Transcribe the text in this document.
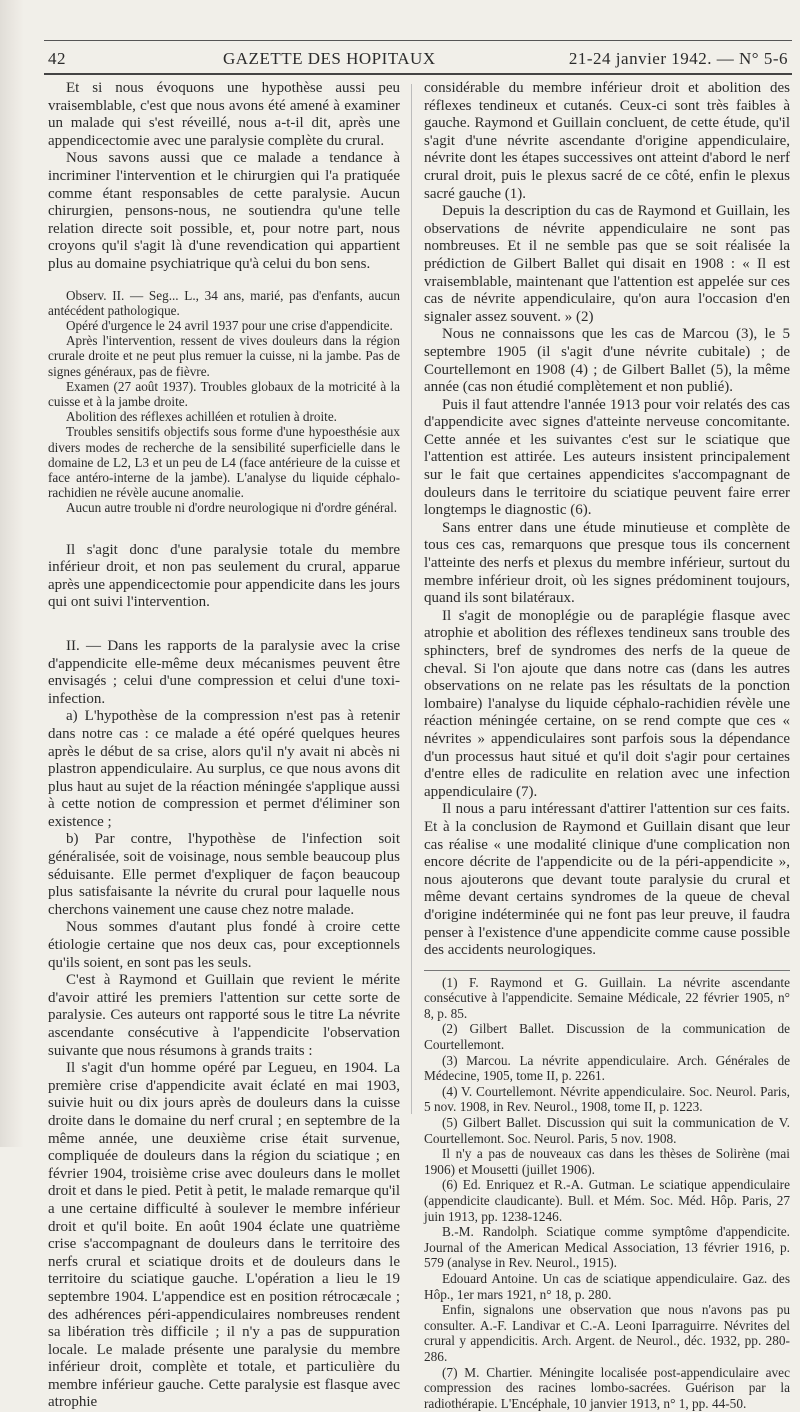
42	GAZETTE DES HOPITAUX	21-24 janvier 1942. — N° 5-6

Et si nous évoquons une hypothèse aussi peu vraisemblable, c'est que nous avons été amené à examiner un malade qui s'est réveillé, nous a-t-il dit, après une appendicectomie avec une paralysie complète du crural.

Nous savons aussi que ce malade a tendance à incriminer l'intervention et le chirurgien qui l'a pratiquée comme étant responsables de cette paralysie. Aucun chirurgien, pensons-nous, ne soutiendra qu'une telle relation directe soit possible, et, pour notre part, nous croyons qu'il s'agit là d'une revendication qui appartient plus au domaine psychiatrique qu'à celui du bon sens.

Observ. II. — Seg... L., 34 ans, marié, pas d'enfants, aucun antécédent pathologique.

Opéré d'urgence le 24 avril 1937 pour une crise d'appendicite.

Après l'intervention, ressent de vives douleurs dans la région crurale droite et ne peut plus remuer la cuisse, ni la jambe. Pas de signes généraux, pas de fièvre.

Examen (27 août 1937). Troubles globaux de la motricité à la cuisse et à la jambe droite.

Abolition des réflexes achilléen et rotulien à droite.

Troubles sensitifs objectifs sous forme d'une hypoesthésie aux divers modes de recherche de la sensibilité superficielle dans le domaine de L2, L3 et un peu de L4 (face antérieure de la cuisse et face antéro-interne de la jambe). L'analyse du liquide céphalo-rachidien ne révèle aucune anomalie.

Aucun autre trouble ni d'ordre neurologique ni d'ordre général.

Il s'agit donc d'une paralysie totale du membre inférieur droit, et non pas seulement du crural, apparue après une appendicectomie pour appendicite dans les jours qui ont suivi l'intervention.

II. — Dans les rapports de la paralysie avec la crise d'appendicite elle-même deux mécanismes peuvent être envisagés ; celui d'une compression et celui d'une toxi-infection.

a) L'hypothèse de la compression n'est pas à retenir dans notre cas : ce malade a été opéré quelques heures après le début de sa crise, alors qu'il n'y avait ni abcès ni plastron appendiculaire. Au surplus, ce que nous avons dit plus haut au sujet de la réaction méningée s'applique aussi à cette notion de compression et permet d'éliminer son existence ;

b) Par contre, l'hypothèse de l'infection soit généralisée, soit de voisinage, nous semble beaucoup plus séduisante. Elle permet d'expliquer de façon beaucoup plus satisfaisante la névrite du crural pour laquelle nous cherchons vainement une cause chez notre malade.

Nous sommes d'autant plus fondé à croire cette étiologie certaine que nos deux cas, pour exceptionnels qu'ils soient, en sont pas les seuls.

C'est à Raymond et Guillain que revient le mérite d'avoir attiré les premiers l'attention sur cette sorte de paralysie. Ces auteurs ont rapporté sous le titre La névrite ascendante consécutive à l'appendicite l'observation suivante que nous résumons à grands traits :

Il s'agit d'un homme opéré par Legueu, en 1904. La première crise d'appendicite avait éclaté en mai 1903, suivie huit ou dix jours après de douleurs dans la cuisse droite dans le domaine du nerf crural ; en septembre de la même année, une deuxième crise était survenue, compliquée de douleurs dans la région du sciatique ; en février 1904, troisième crise avec douleurs dans le mollet droit et dans le pied. Petit à petit, le malade remarque qu'il a une certaine difficulté à soulever le membre inférieur droit et qu'il boite. En août 1904 éclate une quatrième crise s'accompagnant de douleurs dans le territoire des nerfs crural et sciatique droits et de douleurs dans le territoire du sciatique gauche. L'opération a lieu le 19 septembre 1904. L'appendice est en position rétrocæcale ; des adhérences péri-appendiculaires nombreuses rendent sa libération très difficile ; il n'y a pas de suppuration locale. Le malade présente une paralysie du membre inférieur droit, complète et totale, et particulière du membre inférieur gauche. Cette paralysie est flasque avec atrophie

considérable du membre inférieur droit et abolition des réflexes tendineux et cutanés. Ceux-ci sont très faibles à gauche. Raymond et Guillain concluent, de cette étude, qu'il s'agit d'une névrite ascendante d'origine appendiculaire, névrite dont les étapes successives ont atteint d'abord le nerf crural droit, puis le plexus sacré de ce côté, enfin le plexus sacré gauche (1).

Depuis la description du cas de Raymond et Guillain, les observations de névrite appendiculaire ne sont pas nombreuses. Et il ne semble pas que se soit réalisée la prédiction de Gilbert Ballet qui disait en 1908 : « Il est vraisemblable, maintenant que l'attention est appelée sur ces cas de névrite appendiculaire, qu'on aura l'occasion d'en signaler assez souvent. » (2)

Nous ne connaissons que les cas de Marcou (3), le 5 septembre 1905 (il s'agit d'une névrite cubitale) ; de Courtellemont en 1908 (4) ; de Gilbert Ballet (5), la même année (cas non étudié complètement et non publié).

Puis il faut attendre l'année 1913 pour voir relatés des cas d'appendicite avec signes d'atteinte nerveuse concomitante. Cette année et les suivantes c'est sur le sciatique que l'attention est attirée. Les auteurs insistent principalement sur le fait que certaines appendicites s'accompagnant de douleurs dans le territoire du sciatique peuvent faire errer longtemps le diagnostic (6).

Sans entrer dans une étude minutieuse et complète de tous ces cas, remarquons que presque tous ils concernent l'atteinte des nerfs et plexus du membre inférieur, surtout du membre inférieur droit, où les signes prédominent toujours, quand ils sont bilatéraux.

Il s'agit de monoplégie ou de paraplégie flasque avec atrophie et abolition des réflexes tendineux sans trouble des sphincters, bref de syndromes des nerfs de la queue de cheval. Si l'on ajoute que dans notre cas (dans les autres observations on ne relate pas les résultats de la ponction lombaire) l'analyse du liquide céphalo-rachidien révèle une réaction méningée certaine, on se rend compte que ces « névrites » appendiculaires sont parfois sous la dépendance d'un processus haut situé et qu'il doit s'agir pour certaines d'entre elles de radiculite en relation avec une infection appendiculaire (7).

Il nous a paru intéressant d'attirer l'attention sur ces faits. Et à la conclusion de Raymond et Guillain disant que leur cas réalise « une modalité clinique d'une complication non encore décrite de l'appendicite ou de la péri-appendicite », nous ajouterons que devant toute paralysie du crural et même devant certains syndromes de la queue de cheval d'origine indéterminée qui ne font pas leur preuve, il faudra penser à l'existence d'une appendicite comme cause possible des accidents neurologiques.

(1) F. Raymond et G. Guillain. La névrite ascendante consécutive à l'appendicite. Semaine Médicale, 22 février 1905, n° 8, p. 85.

(2) Gilbert Ballet. Discussion de la communication de Courtellemont.

(3) Marcou. La névrite appendiculaire. Arch. Générales de Médecine, 1905, tome II, p. 2261.

(4) V. Courtellemont. Névrite appendiculaire. Soc. Neurol. Paris, 5 nov. 1908, in Rev. Neurol., 1908, tome II, p. 1223.

(5) Gilbert Ballet. Discussion qui suit la communication de V. Courtellemont. Soc. Neurol. Paris, 5 nov. 1908.

Il n'y a pas de nouveaux cas dans les thèses de Solirène (mai 1906) et Mousetti (juillet 1906).

(6) Ed. Enriquez et R.-A. Gutman. Le sciatique appendiculaire (appendicite claudicante). Bull. et Mém. Soc. Méd. Hôp. Paris, 27 juin 1913, pp. 1238-1246.

B.-M. Randolph. Sciatique comme symptôme d'appendicite. Journal of the American Medical Association, 13 février 1916, p. 579 (analyse in Rev. Neurol., 1915).

Edouard Antoine. Un cas de sciatique appendiculaire. Gaz. des Hôp., 1er mars 1921, n° 18, p. 280.

Enfin, signalons une observation que nous n'avons pas pu consulter. A.-F. Landivar et C.-A. Leoni Iparraguirre. Névrites del crural y appendicitis. Arch. Argent. de Neurol., déc. 1932, pp. 280-286.

(7) M. Chartier. Méningite localisée post-appendiculaire avec compression des racines lombo-sacrées. Guérison par la radiothérapie. L'Encéphale, 10 janvier 1913, n° 1, pp. 44-50.
